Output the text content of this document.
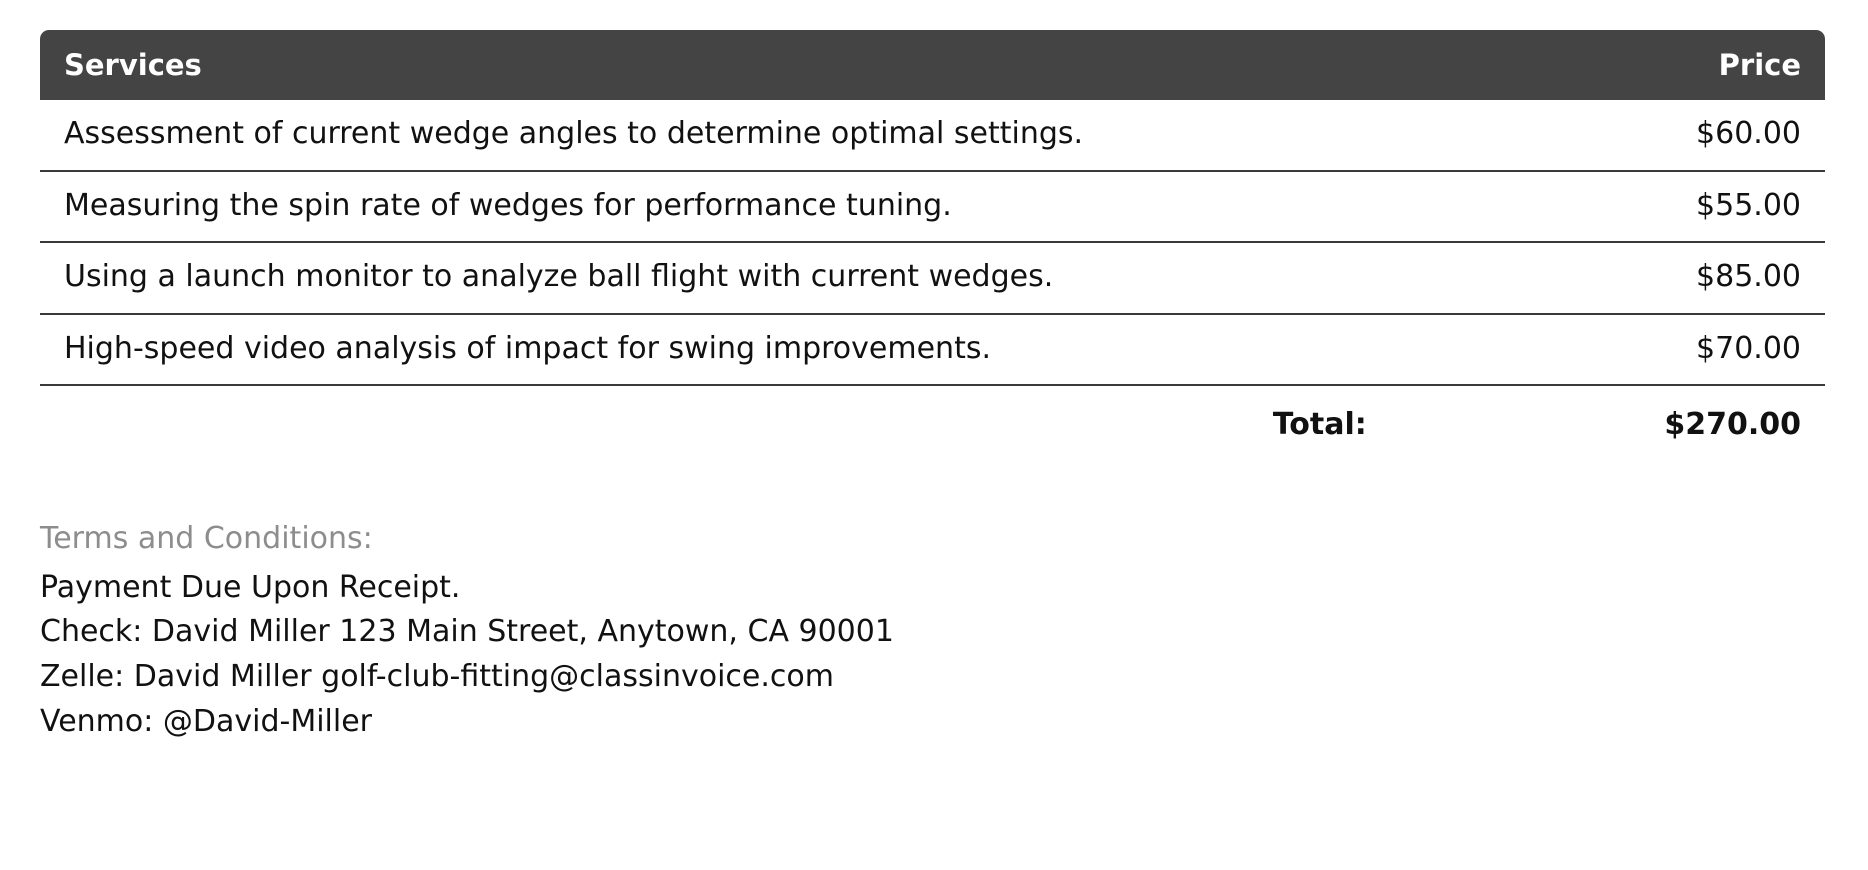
Services	Price
Assessment of current wedge angles to determine optimal settings.	$60.00
Measuring the spin rate of wedges for performance tuning.	$55.00
Using a launch monitor to analyze ball flight with current wedges.	$85.00
High-speed video analysis of impact for swing improvements.	$70.00
Total:	$270.00
Terms and Conditions:
Payment Due Upon Receipt.
Check: David Miller 123 Main Street, Anytown, CA 90001
Zelle: David Miller golf-club-fitting@classinvoice.com
Venmo: @David-Miller
